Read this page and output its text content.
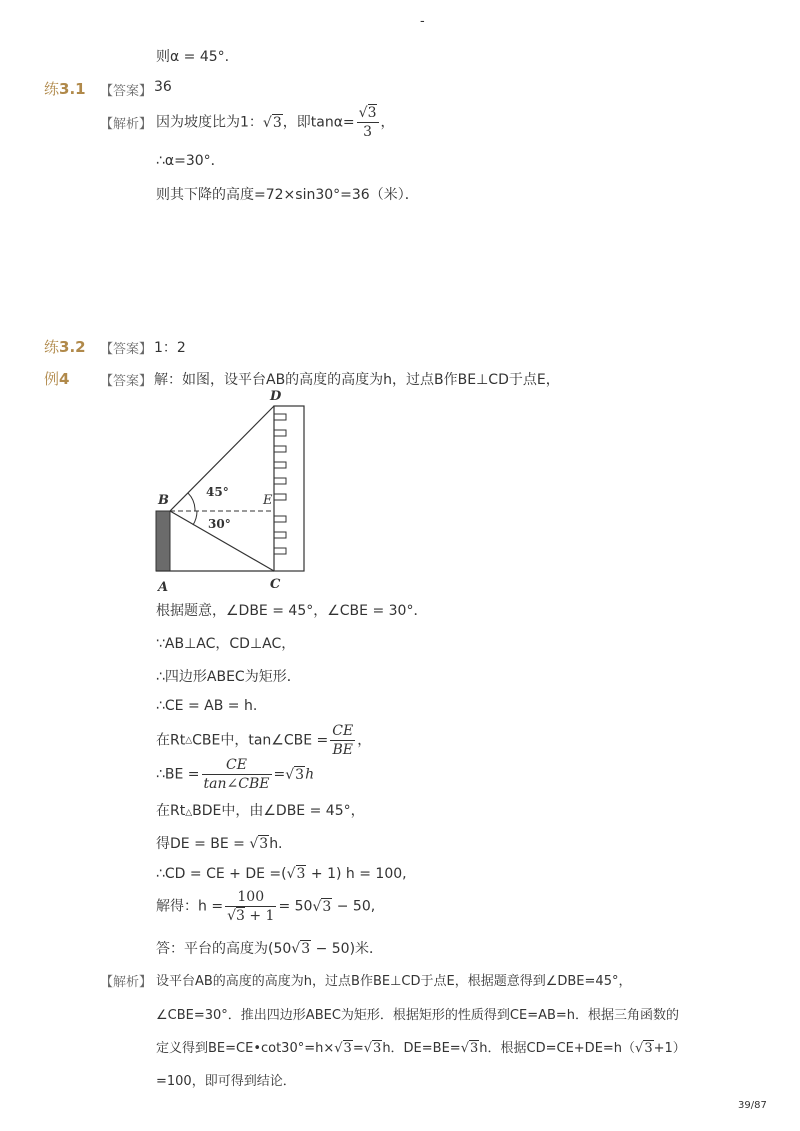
-
则α = 45°.
练3.1 【答案】 36
【解析】 因为坡度比为1：√3，即$\tan\alpha= \frac{√3}{3}$ ，
∴α=30°．
则其下降的高度=72×sin30°=36（米）．
练3.2 【答案】 1：2
例4 【答案】 解：如图，设平台AB的高度的高度为h，过点B作BE⊥CD于点E，
D
B	E
A	C
45°
30°
根据题意，∠DBE = 45°，∠CBE = 30°．
∵AB⊥AC，CD⊥AC，
∴四边形ABEC为矩形．
∴CE = AB = h.
在Rt△CBE中，tan∠CBE = $\frac{CE}{BE}$ ，
∴BE = $\frac{CE}{\text{tan∠CBE}} =√3h$
在Rt△BDE中，由∠DBE = 45°，
得DE = BE = √3h.
∴CD = CE + DE =(√3 + 1) h = 100,
解得：$h = \frac{100}{√3 + 1} = 50√3 - 50$,
答：平台的高度为(50√3 − 50)米．
【解析】 设平台AB的高度的高度为h，过点B作BE⊥CD于点E，根据题意得到∠DBE=45°，
∠CBE=30°．推出四边形ABEC为矩形．根据矩形的性质得到CE=AB=h．根据三角函数的
定义得到BE=CE•cot30°=h×√3=√3h．DE=BE=√3h．根据CD=CE+DE=h（√3+1）
=100，即可得到结论．
39/87
